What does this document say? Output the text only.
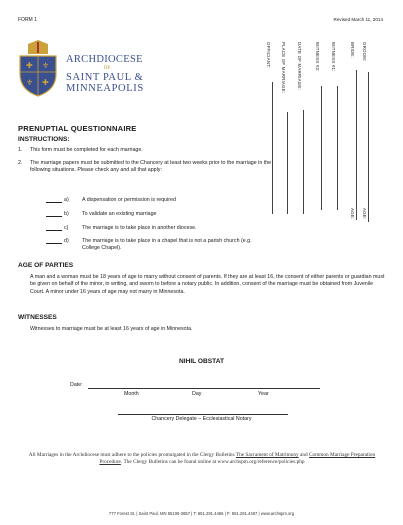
FORM 1	Revised March 11, 2014
✚ ⚜
⚜ ✚
ARCHDIOCESE
OF
SAINT PAUL &
MINNEAPOLIS
GROOM:
BRIDE:
WITNESS #1:
WITNESS #2:
DATE OF MARRIAGE:
PLACE OF MARRIAGE:
OFFICIANT:
AGE:
AGE:
PRENUPTIAL QUESTIONNAIRE
INSTRUCTIONS:
1. This form must be completed for each marriage.
2. The marriage papers must be submitted to the Chancery at least two weeks prior to the marriage in the following situations. Please check any and all that apply:
a)	A dispensation or permission is required
b)	To validate an existing marriage
c)	The marriage is to take place in another diocese.
d)	The marriage is to take place in a chapel that is not a parish church (e.g. College Chapel).
AGE OF PARTIES
A man and a woman must be 18 years of age to marry without consent of parents. If they are at least 16, the consent of either parents or guardian must be given on behalf of the minor, in writing, and sworn to before a notary public. In addition, consent of the marriage must be obtained from Juvenile Court. A minor under 16 years of age may not marry in Minnesota.
WITNESSES
Witnesses to marriage must be at least 16 years of age in Minnesota.
NIHIL OBSTAT
Date:
Month	Day	Year
Chancery Delegate – Ecclesiastical Notary
All Marriages in the Archdiocese must adhere to the policies promulgated in the Clergy Bulletins The Sacrament of Matrimony and Common Marriage Preparation Procedure. The Clergy Bulletins can be found online at www.archspm.org/reference/policies.php
777 Forest St. | Saint Paul, MN 55106-3857 | T: 651.291.4466 | F: 651.291.4467 | www.archspm.org
